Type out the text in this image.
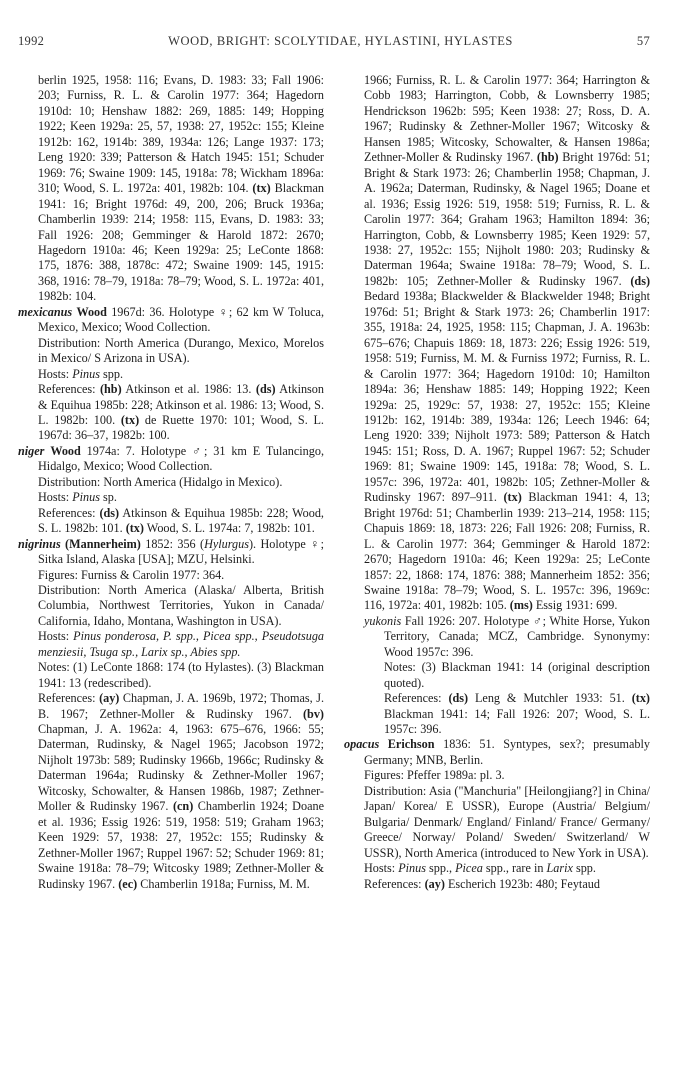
1992	WOOD, BRIGHT: SCOLYTIDAE, HYLASTINI, HYLASTES	57

berlin 1925, 1958: 116; Evans, D. 1983: 33; Fall 1906: 203; Furniss, R. L. & Carolin 1977: 364; Hagedorn 1910d: 10; Henshaw 1882: 269, 1885: 149; Hopping 1922; Keen 1929a: 25, 57, 1938: 27, 1952c: 155; Kleine 1912b: 162, 1914b: 389, 1934a: 126; Lange 1937: 173; Leng 1920: 339; Patterson & Hatch 1945: 151; Schuder 1969: 76; Swaine 1909: 145, 1918a: 78; Wickham 1896a: 310; Wood, S. L. 1972a: 401, 1982b: 104. (tx) Blackman 1941: 16; Bright 1976d: 49, 200, 206; Bruck 1936a; Chamberlin 1939: 214; 1958: 115, Evans, D. 1983: 33; Fall 1926: 208; Gemminger & Harold 1872: 2670; Hagedorn 1910a: 46; Keen 1929a: 25; LeConte 1868: 175, 1876: 388, 1878c: 472; Swaine 1909: 145, 1915: 368, 1916: 78–79, 1918a: 78–79; Wood, S. L. 1972a: 401, 1982b: 104.

mexicanus Wood 1967d: 36. Holotype ♀; 62 km W Toluca, Mexico, Mexico; Wood Collection.

Distribution: North America (Durango, Mexico, Morelos in Mexico/ S Arizona in USA).

Hosts: Pinus spp.

References: (hb) Atkinson et al. 1986: 13. (ds) Atkinson & Equihua 1985b: 228; Atkinson et al. 1986: 13; Wood, S. L. 1982b: 100. (tx) de Ruette 1970: 101; Wood, S. L. 1967d: 36–37, 1982b: 100.

niger Wood 1974a: 7. Holotype ♂; 31 km E Tulancingo, Hidalgo, Mexico; Wood Collection.

Distribution: North America (Hidalgo in Mexico).

Hosts: Pinus sp.

References: (ds) Atkinson & Equihua 1985b: 228; Wood, S. L. 1982b: 101. (tx) Wood, S. L. 1974a: 7, 1982b: 101.

nigrinus (Mannerheim) 1852: 356 (Hylurgus). Holotype ♀; Sitka Island, Alaska [USA]; MZU, Helsinki.

Figures: Furniss & Carolin 1977: 364.

Distribution: North America (Alaska/ Alberta, British Columbia, Northwest Territories, Yukon in Canada/ California, Idaho, Montana, Washington in USA).

Hosts: Pinus ponderosa, P. spp., Picea spp., Pseudotsuga menziesii, Tsuga sp., Larix sp., Abies spp.

Notes: (1) LeConte 1868: 174 (to Hylastes). (3) Blackman 1941: 13 (redescribed).

References: (ay) Chapman, J. A. 1969b, 1972; Thomas, J. B. 1967; Zethner-Moller & Rudinsky 1967. (bv) Chapman, J. A. 1962a: 4, 1963: 675–676, 1966: 55; Daterman, Rudinsky, & Nagel 1965; Jacobson 1972; Nijholt 1973b: 589; Rudinsky 1966b, 1966c; Rudinsky & Daterman 1964a; Rudinsky & Zethner-Moller 1967; Witcosky, Schowalter, & Hansen 1986b, 1987; Zethner-Moller & Rudinsky 1967. (cn) Chamberlin 1924; Doane et al. 1936; Essig 1926: 519, 1958: 519; Graham 1963; Keen 1929: 57, 1938: 27, 1952c: 155; Rudinsky & Zethner-Moller 1967; Ruppel 1967: 52; Schuder 1969: 81; Swaine 1918a: 78–79; Witcosky 1989; Zethner-Moller & Rudinsky 1967. (ec) Chamberlin 1918a; Furniss, M. M.

1966; Furniss, R. L. & Carolin 1977: 364; Harrington & Cobb 1983; Harrington, Cobb, & Lownsberry 1985; Hendrickson 1962b: 595; Keen 1938: 27; Ross, D. A. 1967; Rudinsky & Zethner-Moller 1967; Witcosky & Hansen 1985; Witcosky, Schowalter, & Hansen 1986a; Zethner-Moller & Rudinsky 1967. (hb) Bright 1976d: 51; Bright & Stark 1973: 26; Chamberlin 1958; Chapman, J. A. 1962a; Daterman, Rudinsky, & Nagel 1965; Doane et al. 1936; Essig 1926: 519, 1958: 519; Furniss, R. L. & Carolin 1977: 364; Graham 1963; Hamilton 1894: 36; Harrington, Cobb, & Lownsberry 1985; Keen 1929: 57, 1938: 27, 1952c: 155; Nijholt 1980: 203; Rudinsky & Daterman 1964a; Swaine 1918a: 78–79; Wood, S. L. 1982b: 105; Zethner-Moller & Rudinsky 1967. (ds) Bedard 1938a; Blackwelder & Blackwelder 1948; Bright 1976d: 51; Bright & Stark 1973: 26; Chamberlin 1917: 355, 1918a: 24, 1925, 1958: 115; Chapman, J. A. 1963b: 675–676; Chapuis 1869: 18, 1873: 226; Essig 1926: 519, 1958: 519; Furniss, M. M. & Furniss 1972; Furniss, R. L. & Carolin 1977: 364; Hagedorn 1910d: 10; Hamilton 1894a: 36; Henshaw 1885: 149; Hopping 1922; Keen 1929a: 25, 1929c: 57, 1938: 27, 1952c: 155; Kleine 1912b: 162, 1914b: 389, 1934a: 126; Leech 1946: 64; Leng 1920: 339; Nijholt 1973: 589; Patterson & Hatch 1945: 151; Ross, D. A. 1967; Ruppel 1967: 52; Schuder 1969: 81; Swaine 1909: 145, 1918a: 78; Wood, S. L. 1957c: 396, 1972a: 401, 1982b: 105; Zethner-Moller & Rudinsky 1967: 897–911. (tx) Blackman 1941: 4, 13; Bright 1976d: 51; Chamberlin 1939: 213–214, 1958: 115; Chapuis 1869: 18, 1873: 226; Fall 1926: 208; Furniss, R. L. & Carolin 1977: 364; Gemminger & Harold 1872: 2670; Hagedorn 1910a: 46; Keen 1929a: 25; LeConte 1857: 22, 1868: 174, 1876: 388; Mannerheim 1852: 356; Swaine 1918a: 78–79; Wood, S. L. 1957c: 396, 1969c: 116, 1972a: 401, 1982b: 105. (ms) Essig 1931: 699.

yukonis Fall 1926: 207. Holotype ♂; White Horse, Yukon Territory, Canada; MCZ, Cambridge. Synonymy: Wood 1957c: 396.

Notes: (3) Blackman 1941: 14 (original description quoted).

References: (ds) Leng & Mutchler 1933: 51. (tx) Blackman 1941: 14; Fall 1926: 207; Wood, S. L. 1957c: 396.

opacus Erichson 1836: 51. Syntypes, sex?; presumably Germany; MNB, Berlin.

Figures: Pfeffer 1989a: pl. 3.

Distribution: Asia ("Manchuria" [Heilongjiang?] in China/ Japan/ Korea/ E USSR), Europe (Austria/ Belgium/ Bulgaria/ Denmark/ England/ Finland/ France/ Germany/ Greece/ Norway/ Poland/ Sweden/ Switzerland/ W USSR), North America (introduced to New York in USA).

Hosts: Pinus spp., Picea spp., rare in Larix spp.

References: (ay) Escherich 1923b: 480; Feytaud
